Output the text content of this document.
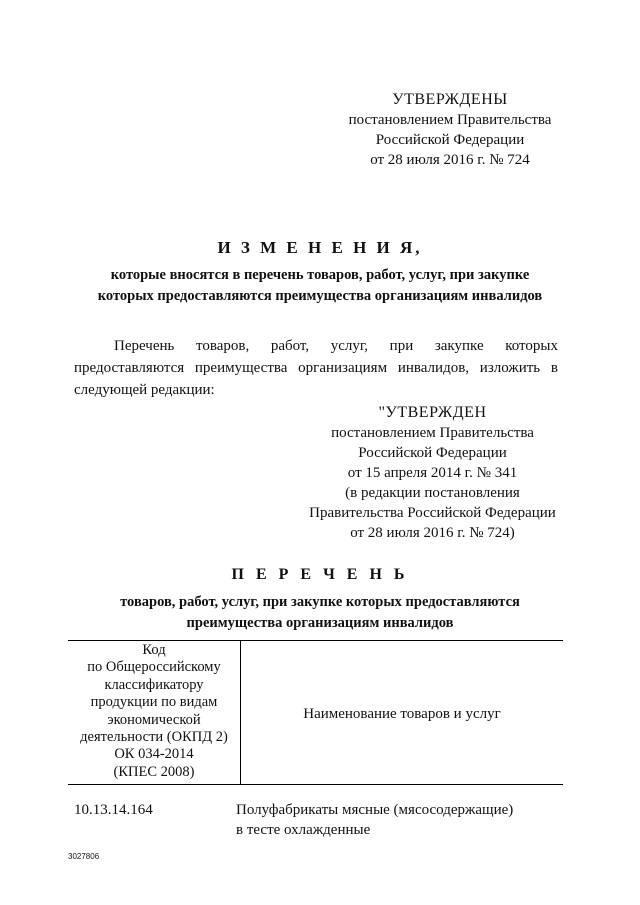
УТВЕРЖДЕНЫ
постановлением Правительства
Российской Федерации
от 28 июля 2016 г. № 724
И З М Е Н Е Н И Я,
которые вносятся в перечень товаров, работ, услуг, при закупке
которых предоставляются преимущества организациям инвалидов
Перечень товаров, работ, услуг, при закупке которых
предоставляются преимущества организациям инвалидов, изложить в
следующей редакции:
"УТВЕРЖДЕН
постановлением Правительства
Российской Федерации
от 15 апреля 2014 г. № 341
(в редакции постановления
Правительства Российской Федерации
от 28 июля 2016 г. № 724)
П Е Р Е Ч Е Н Ь
товаров, работ, услуг, при закупке которых предоставляются
преимущества организациям инвалидов
Код
по Общероссийскому
классификатору
продукции по видам
экономической
деятельности (ОКПД 2)
ОК 034-2014
(КПЕС 2008)
Наименование товаров и услуг
10.13.14.164	Полуфабрикаты мясные (мясосодержащие)
в тесте охлажденные
3027806
